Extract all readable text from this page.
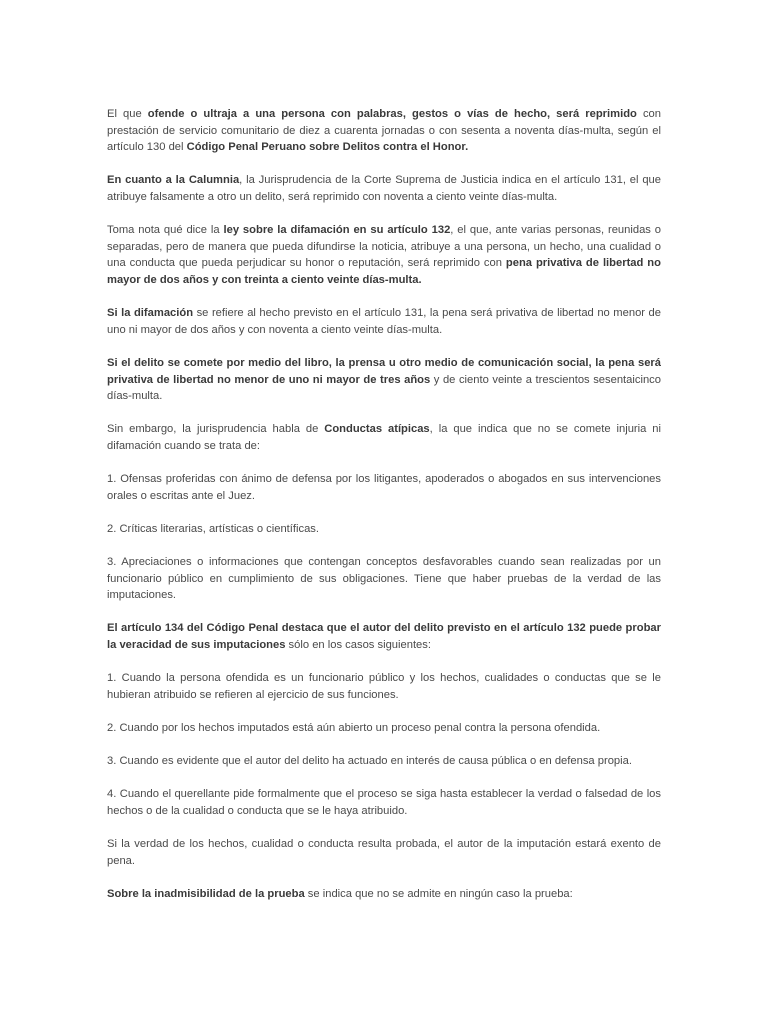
El que ofende o ultraja a una persona con palabras, gestos o vías de hecho, será reprimido con prestación de servicio comunitario de diez a cuarenta jornadas o con sesenta a noventa días-multa, según el artículo 130 del Código Penal Peruano sobre Delitos contra el Honor.

En cuanto a la Calumnia, la Jurisprudencia de la Corte Suprema de Justicia indica en el artículo 131, el que atribuye falsamente a otro un delito, será reprimido con noventa a ciento veinte días-multa.

Toma nota qué dice la ley sobre la difamación en su artículo 132, el que, ante varias personas, reunidas o separadas, pero de manera que pueda difundirse la noticia, atribuye a una persona, un hecho, una cualidad o una conducta que pueda perjudicar su honor o reputación, será reprimido con pena privativa de libertad no mayor de dos años y con treinta a ciento veinte días-multa.

Si la difamación se refiere al hecho previsto en el artículo 131, la pena será privativa de libertad no menor de uno ni mayor de dos años y con noventa a ciento veinte días-multa.

Si el delito se comete por medio del libro, la prensa u otro medio de comunicación social, la pena será privativa de libertad no menor de uno ni mayor de tres años y de ciento veinte a trescientos sesentaicinco días-multa.

Sin embargo, la jurisprudencia habla de Conductas atípicas, la que indica que no se comete injuria ni difamación cuando se trata de:

1. Ofensas proferidas con ánimo de defensa por los litigantes, apoderados o abogados en sus intervenciones orales o escritas ante el Juez.

2. Críticas literarias, artísticas o científicas.

3. Apreciaciones o informaciones que contengan conceptos desfavorables cuando sean realizadas por un funcionario público en cumplimiento de sus obligaciones. Tiene que haber pruebas de la verdad de las imputaciones.

El artículo 134 del Código Penal destaca que el autor del delito previsto en el artículo 132 puede probar la veracidad de sus imputaciones sólo en los casos siguientes:

1. Cuando la persona ofendida es un funcionario público y los hechos, cualidades o conductas que se le hubieran atribuido se refieren al ejercicio de sus funciones.

2. Cuando por los hechos imputados está aún abierto un proceso penal contra la persona ofendida.

3. Cuando es evidente que el autor del delito ha actuado en interés de causa pública o en defensa propia.

4. Cuando el querellante pide formalmente que el proceso se siga hasta establecer la verdad o falsedad de los hechos o de la cualidad o conducta que se le haya atribuido.

Si la verdad de los hechos, cualidad o conducta resulta probada, el autor de la imputación estará exento de pena.

Sobre la inadmisibilidad de la prueba se indica que no se admite en ningún caso la prueba:
